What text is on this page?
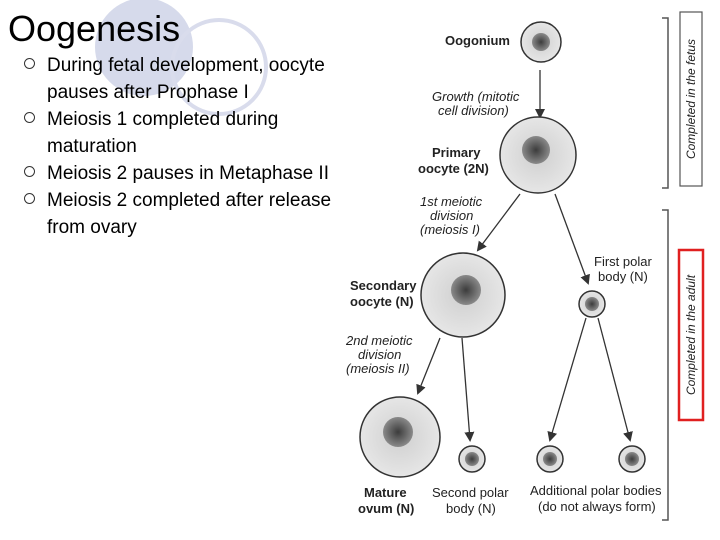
Oogenesis
During fetal development, oocyte pauses after Prophase I
Meiosis 1 completed during maturation
Meiosis 2 pauses in Metaphase II
Meiosis 2 completed after release from ovary
Completed in the fetus
Completed in the adult
Oogonium
Growth (mitotic
cell division)
Primary
oocyte (2N)
1st meiotic
division
(meiosis I)
Secondary
oocyte (N)
First polar
body (N)
2nd meiotic
division
(meiosis II)
Mature
ovum (N)
Second polar
body (N)
Additional polar bodies
(do not always form)
